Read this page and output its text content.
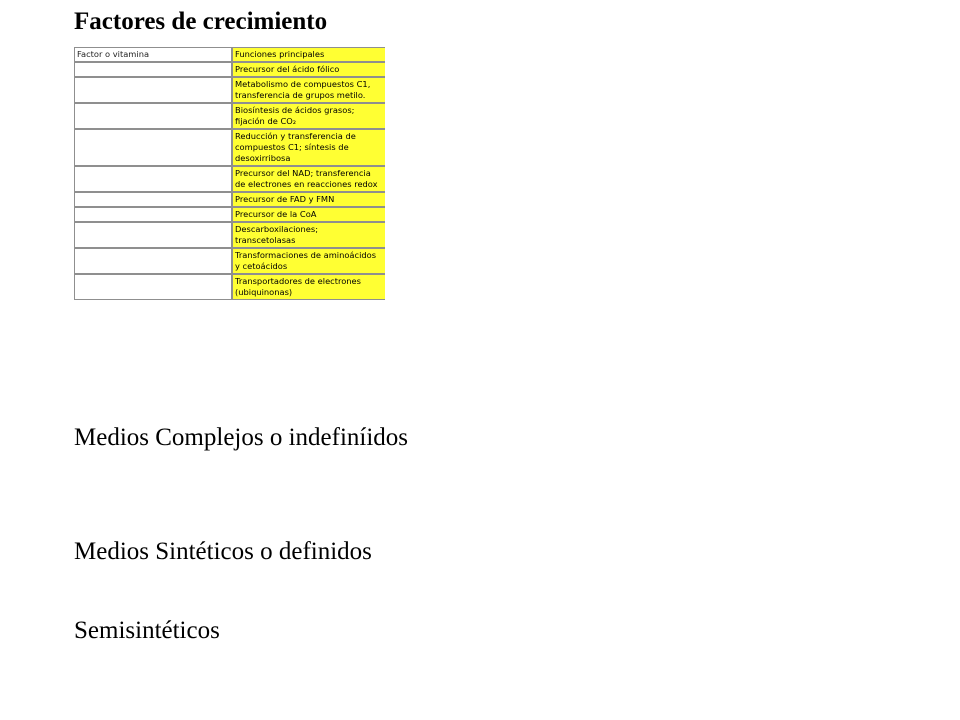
Factores de crecimiento
Factor o vitamina	Funciones principales

	Precursor del ácido fólico

	Metabolismo de compuestos C1,
transferencia de grupos metilo.

	Biosíntesis de ácidos grasos;
fijación de CO₂

	Reducción y transferencia de
compuestos C1; síntesis de
desoxirribosa

	Precursor del NAD; transferencia
de electrones en reacciones redox

	Precursor de FAD y FMN

	Precursor de la CoA

	Descarboxilaciones;
transcetolasas

	Transformaciones de aminoácidos
y cetoácidos

	Transportadores de electrones
(ubiquinonas)
Medios Complejos o indefiníidos
Medios Sintéticos o definidos
Semisintéticos
